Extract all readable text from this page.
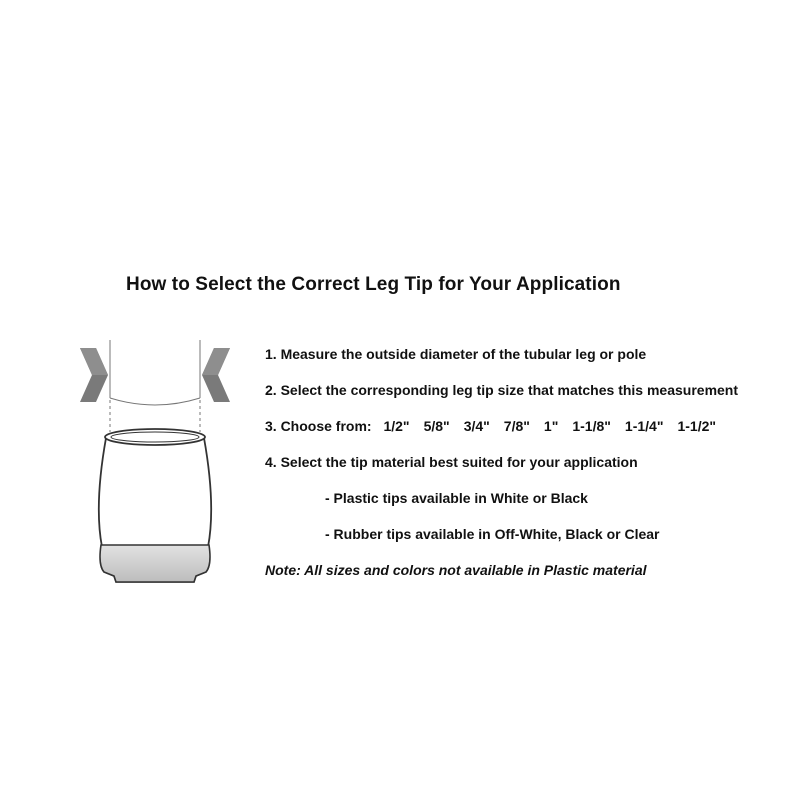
How to Select the Correct Leg Tip for Your Application
1. Measure the outside diameter of the tubular leg or pole
2. Select the corresponding leg tip size that matches this measurement
3. Choose from: 1/2" 5/8" 3/4" 7/8" 1" 1-1/8" 1-1/4" 1-1/2"
4. Select the tip material best suited for your application
- Plastic tips available in White or Black
- Rubber tips available in Off-White, Black or Clear
Note: All sizes and colors not available in Plastic material
